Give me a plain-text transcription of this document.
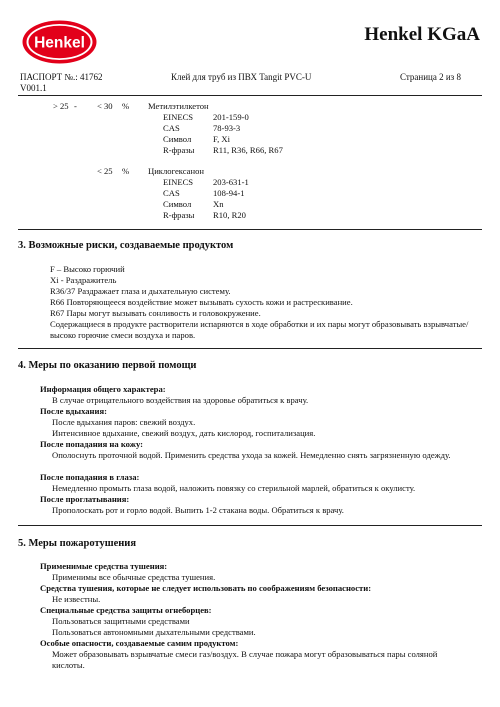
Henkel	Henkel KGaA
ПАСПОРТ №.: 41762
V001.1
Клей для труб из ПВХ Tangit PVC-U	Страница 2 из 8
> 25 - < 30 % Метилэтилкетон
EINECS 201-159-0
CAS	78-93-3
Символ	F, Xi
R-фразы R11, R36, R66, R67
< 25 % Циклогексанон
EINECS 203-631-1
CAS	108-94-1
Символ	Xn
R-фразы R10, R20
3. Возможные риски, создаваемые продуктом
F – Высоко горючий
Xi - Раздражитель
R36/37 Раздражает глаза и дыхательную систему.
R66 Повторяющееся воздействие может вызывать сухость кожи и растрескивание.
R67 Пары могут вызывать сонливость и головокружение.
Содержащиеся в продукте растворители испаряются в ходе обработки и их пары могут образовывать взрывчатые/высоко горючие смеси воздуха и паров.
4. Меры по оказанию первой помощи
Информация общего характера:
В случае отрицательного воздействия на здоровье обратиться к врачу.
После вдыхания:
После вдыхания паров: свежий воздух.
Интенсивное вдыхание, свежий воздух, дать кислород, госпитализация.
После попадания на кожу:
Ополоснуть проточной водой. Применить средства ухода за кожей. Немедленно снять загрязненную одежду.
После попадания в глаза:
Немедленно промыть глаза водой, наложить повязку со стерильной марлей, обратиться к окулисту.
После проглатывания:
Прополоскать рот и горло водой. Выпить 1-2 стакана воды. Обратиться к врачу.
5. Меры пожаротушения
Применимые средства тушения:
Применимы все обычные средства тушения.
Средства тушения, которые не следует использовать по соображениям безопасности:
Не известны.
Специальные средства защиты огнеборцев:
Пользоваться защитными средствами
Пользоваться автономными дыхательными средствами.
Особые опасности, создаваемые самим продуктом:
Может образовывать взрывчатые смеси газ/воздух. В случае пожара могут образовываться пары соляной кислоты.
